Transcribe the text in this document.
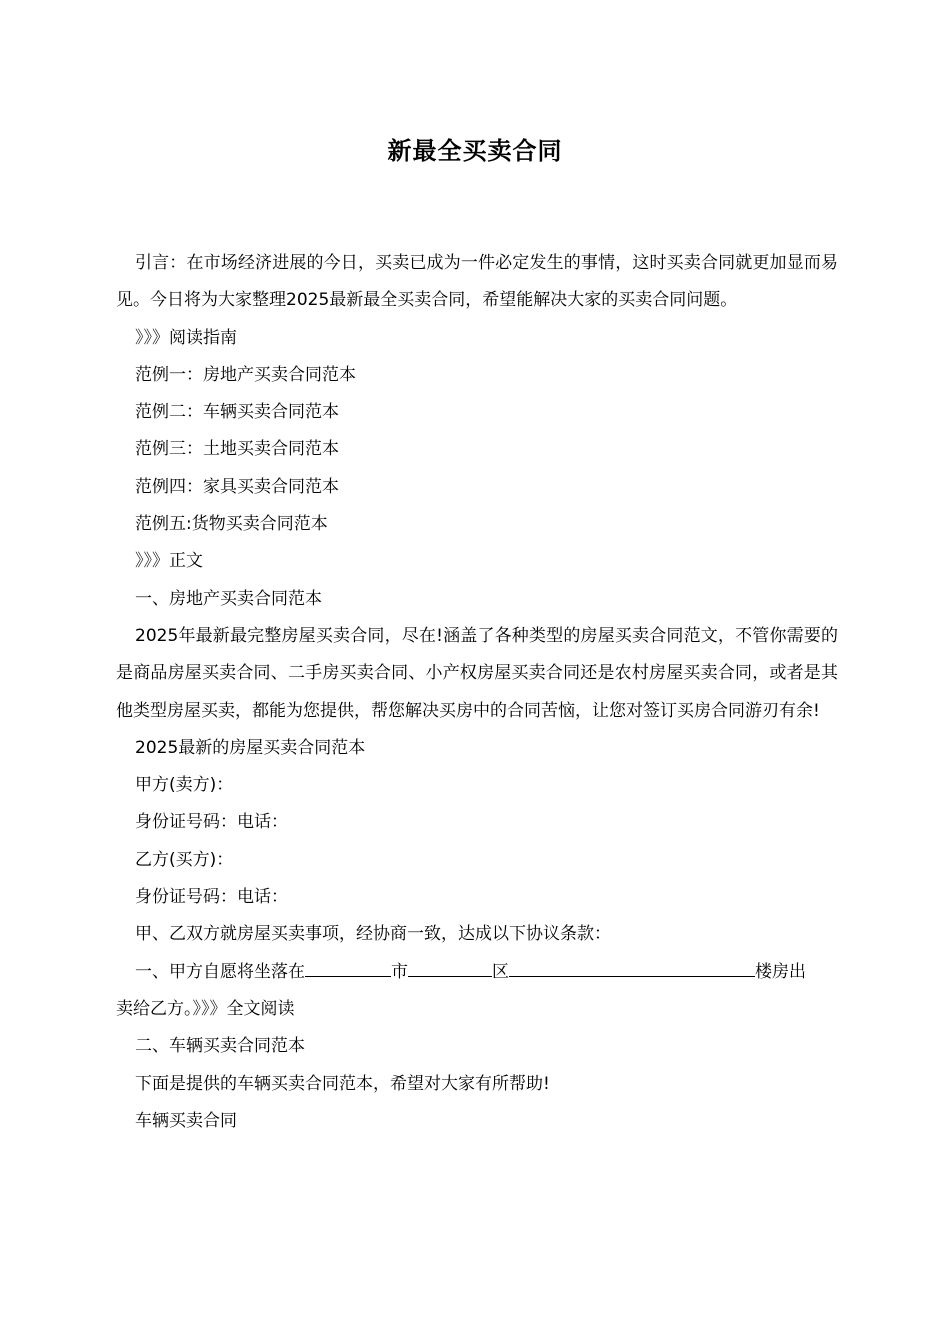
新最全买卖合同

引言：在市场经济进展的今日，买卖已成为一件必定发生的事情，这时买卖合同就更加显而易见。今日将为大家整理2025最新最全买卖合同，希望能解决大家的买卖合同问题。

》》》阅读指南

范例一：房地产买卖合同范本

范例二：车辆买卖合同范本

范例三：土地买卖合同范本

范例四：家具买卖合同范本

范例五:货物买卖合同范本

》》》正文

一、房地产买卖合同范本

2025年最新最完整房屋买卖合同，尽在!涵盖了各种类型的房屋买卖合同范文，不管你需要的是商品房屋买卖合同、二手房买卖合同、小产权房屋买卖合同还是农村房屋买卖合同，或者是其他类型房屋买卖，都能为您提供，帮您解决买房中的合同苦恼，让您对签订买房合同游刃有余!

2025最新的房屋买卖合同范本

甲方(卖方)：

身份证号码：电话：

乙方(买方)：

身份证号码：电话：

甲、乙双方就房屋买卖事项，经协商一致，达成以下协议条款：

一、甲方自愿将坐落在	市	区	楼房出

卖给乙方。》》》全文阅读

二、车辆买卖合同范本

下面是提供的车辆买卖合同范本，希望对大家有所帮助!

车辆买卖合同
